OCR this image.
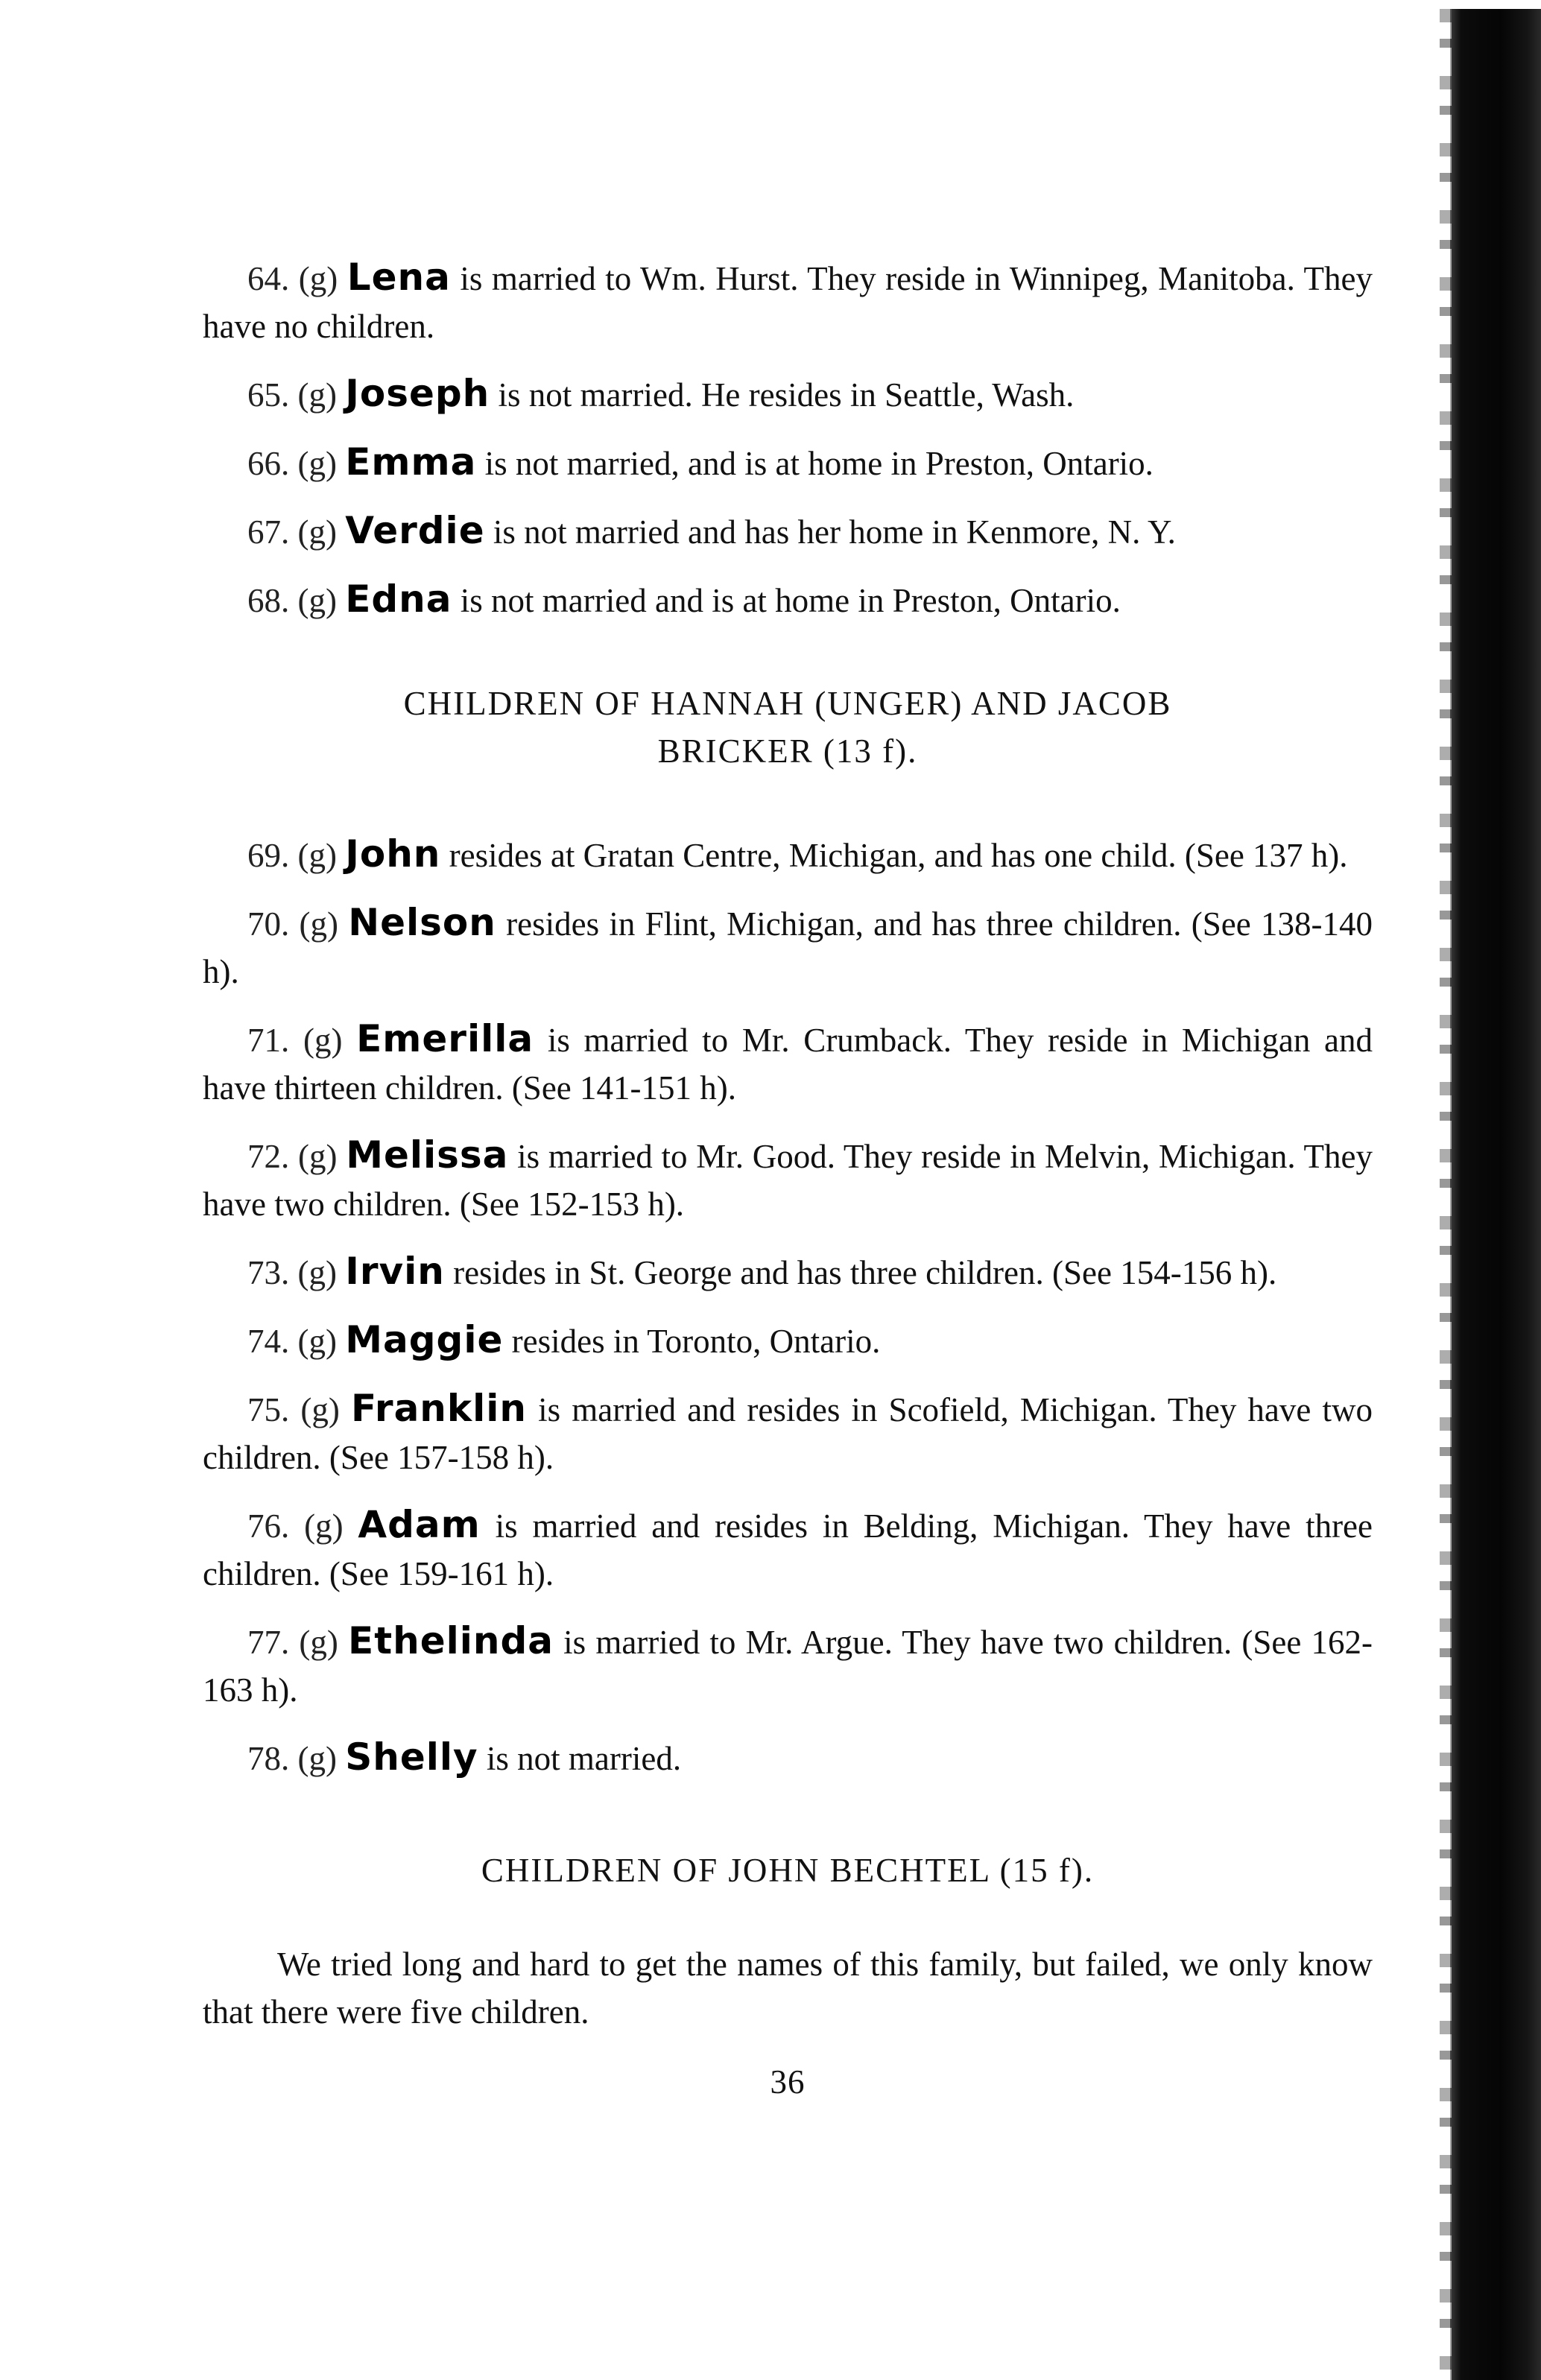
64. (g) Lena is married to Wm. Hurst. They reside in Winnipeg, Manitoba. They have no children.

65. (g) Joseph is not married. He resides in Seattle, Wash.

66. (g) Emma is not married, and is at home in Preston, Ontario.

67. (g) Verdie is not married and has her home in Kenmore, N. Y.

68. (g) Edna is not married and is at home in Preston, Ontario.

CHILDREN OF HANNAH (UNGER) AND JACOB
BRICKER (13 f).

69. (g) John resides at Gratan Centre, Michigan, and has one child. (See 137 h).

70. (g) Nelson resides in Flint, Michigan, and has three children. (See 138-140 h).

71. (g) Emerilla is married to Mr. Crumback. They reside in Michigan and have thirteen children. (See 141-151 h).

72. (g) Melissa is married to Mr. Good. They reside in Melvin, Michigan. They have two children. (See 152-153 h).

73. (g) Irvin resides in St. George and has three children. (See 154-156 h).

74. (g) Maggie resides in Toronto, Ontario.

75. (g) Franklin is married and resides in Scofield, Michigan. They have two children. (See 157-158 h).

76. (g) Adam is married and resides in Belding, Michigan. They have three children. (See 159-161 h).

77. (g) Ethelinda is married to Mr. Argue. They have two children. (See 162-163 h).

78. (g) Shelly is not married.

CHILDREN OF JOHN BECHTEL (15 f).

We tried long and hard to get the names of this family, but failed, we only know that there were five children.

36
